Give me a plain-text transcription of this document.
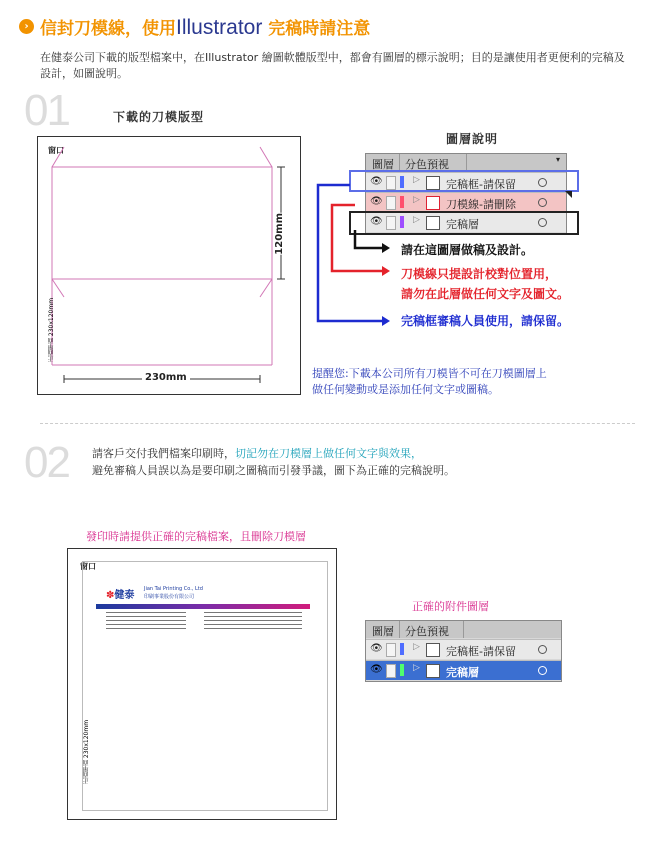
› 信封刀模線，使用Illustrator 完稿時請注意
在健泰公司下載的版型檔案中，在Illustrator 繪圖軟體版型中，都會有圖層的標示說明；目的是讓使用者更便利的完稿及設計，如圖說明。
01	下載的刀模版型
窗口
正面單面 230x120mm
120mm
230mm
圖層說明
圖層 分色預視	▾
👁	▷ 完稿框-請保留
👁	▷ 刀模線-請刪除
👁	▷ 完稿層
請在這圖層做稿及設計。
刀模線只提設計校對位置用，
請勿在此層做任何文字及圖文。
完稿框審稿人員使用，請保留。
提醒您:下載本公司所有刀模皆不可在刀模圖層上
做任何變動或是添加任何文字或圖稿。
02 請客戶交付我們檔案印刷時，切記勿在刀模層上做任何文字與效果，
避免審稿人員誤以為是要印刷之圖稿而引發爭議，圖下為正確的完稿說明。
發印時請提供正確的完稿檔案，且刪除刀模層
窗口
✽健泰
Jian Tai Printing Co., Ltd
印刷事業股份有限公司
正面單面 230x120mm
正確的附件圖層
圖層 分色預視
👁	▷ 完稿框-請保留
👁	▷ 完稿層
